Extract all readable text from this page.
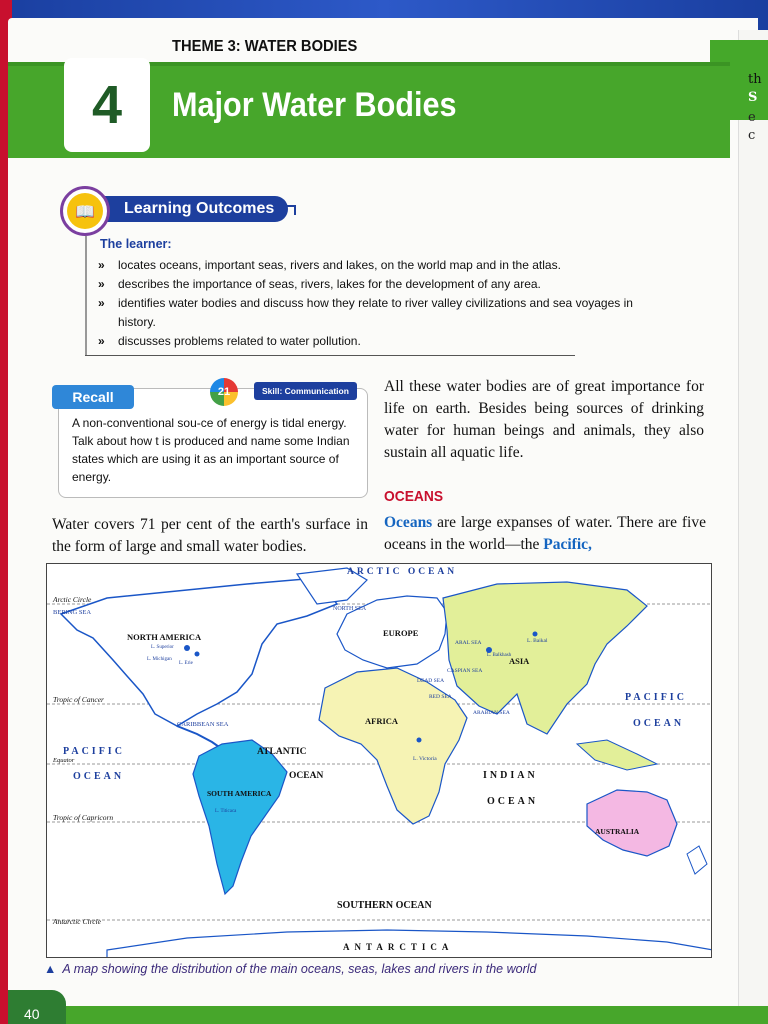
th
S
e
c
THEME 3: WATER BODIES
4 Major Water Bodies
Learning Outcomes
📖
The learner:
» locates oceans, important seas, rivers and lakes, on the world map and in the atlas.
» describes the importance of seas, rivers, lakes for the development of any area.
» identifies water bodies and discuss how they relate to river valley civilizations and sea voyages in history.
» discusses problems related to water pollution.
Recall	21	Skill: Communication
A non-conventional sou-ce of energy is tidal energy. Talk about how t is produced and name some Indian states which are using it as an important source of energy.

All these water bodies are of great importance for life on earth. Besides being sources of drinking water for human beings and animals, they also sustain all aquatic life.

OCEANS

Oceans are large expanses of water. There are five oceans in the world—the Pacific,

Water covers 71 per cent of the earth's surface in the form of large and small water bodies.

ARCTIC OCEAN
Arctic Circle
BERING SEA
NORTH AMERICA
Tropic of Cancer
PACIFIC
Equator
OCEAN
CARIBBEAN SEA
SOUTH AMERICA
ATLANTIC
OCEAN
Tropic of Capricorn
Antarctic Circle
SOUTHERN OCEAN
ANTARCTICA
EUROPE
NORTH SEA
AFRICA
ASIA
ARAL SEA
CASPIAN SEA
DEAD SEA
RED SEA
ARABIAN SEA
INDIAN
OCEAN
PACIFIC
OCEAN
AUSTRALIA
L. Baikal
L. Victoria
L. Balkhash
L. Superior
L. Michigan
L. Erie
L. Titicaca
▲ A map showing the distribution of the main oceans, seas, lakes and rivers in the world
40
